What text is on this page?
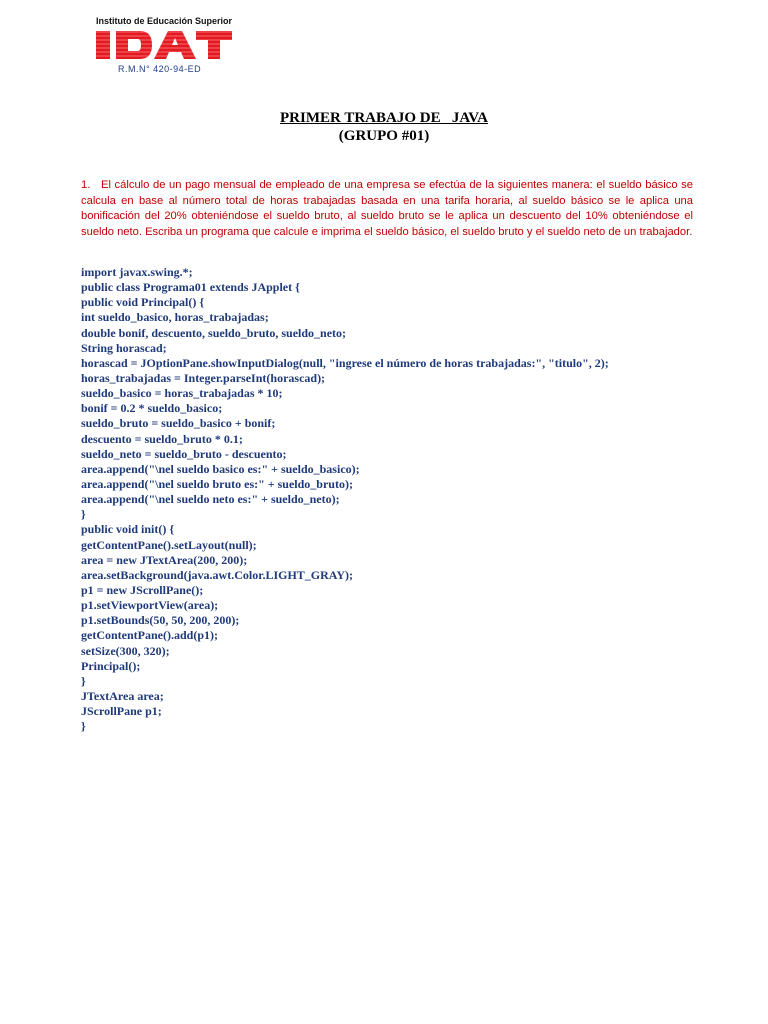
Instituto de Educación Superior
R.M.N° 420-94-ED
PRIMER TRABAJO DE   JAVA
(GRUPO #01)
1. El cálculo de un pago mensual de empleado de una empresa se efectúa de la siguientes manera: el sueldo básico se calcula en base al número total de horas trabajadas basada en una tarifa horaria, al sueldo básico se le aplica una bonificación del 20% obteniéndose el sueldo bruto, al sueldo bruto se le aplica un descuento del 10% obteniéndose el sueldo neto. Escriba un programa que calcule e imprima el sueldo básico, el sueldo bruto y el sueldo neto de un trabajador.
import javax.swing.*;
public class Programa01 extends JApplet {
public void Principal() {
int sueldo_basico, horas_trabajadas;
double bonif, descuento, sueldo_bruto, sueldo_neto;
String horascad;
horascad = JOptionPane.showInputDialog(null, "ingrese el número de horas trabajadas:", "titulo", 2);
horas_trabajadas = Integer.parseInt(horascad);
sueldo_basico = horas_trabajadas * 10;
bonif = 0.2 * sueldo_basico;
sueldo_bruto = sueldo_basico + bonif;
descuento = sueldo_bruto * 0.1;
sueldo_neto = sueldo_bruto - descuento;
area.append("\nel sueldo basico es:" + sueldo_basico);
area.append("\nel sueldo bruto es:" + sueldo_bruto);
area.append("\nel sueldo neto es:" + sueldo_neto);
}
public void init() {
getContentPane().setLayout(null);
area = new JTextArea(200, 200);
area.setBackground(java.awt.Color.LIGHT_GRAY);
p1 = new JScrollPane();
p1.setViewportView(area);
p1.setBounds(50, 50, 200, 200);
getContentPane().add(p1);
setSize(300, 320);
Principal();
}
JTextArea area;
JScrollPane p1;
}
